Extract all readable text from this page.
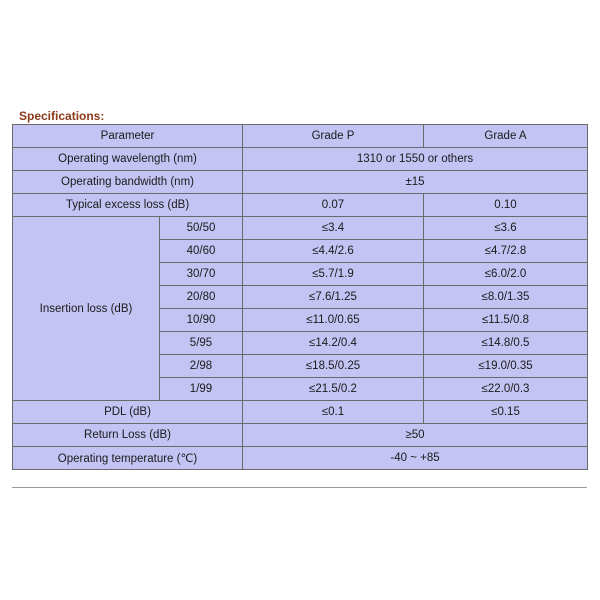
Specifications:
Parameter		Grade P	Grade A
Operating wavelength (nm)		1310 or 1550 or others	
Operating bandwidth (nm)		±15	
Typical excess loss (dB)		0.07	0.10
Insertion loss (dB)	50/50	≤3.4	≤3.6
	40/60	≤4.4/2.6	≤4.7/2.8
	30/70	≤5.7/1.9	≤6.0/2.0
	20/80	≤7.6/1.25	≤8.0/1.35
	10/90	≤11.0/0.65	≤11.5/0.8
	5/95	≤14.2/0.4	≤14.8/0.5
	2/98	≤18.5/0.25	≤19.0/0.35
	1/99	≤21.5/0.2	≤22.0/0.3
PDL (dB)		≤0.1	≤0.15
Return Loss (dB)		≥50	
Operating temperature (℃)		-40 ~ +85	
